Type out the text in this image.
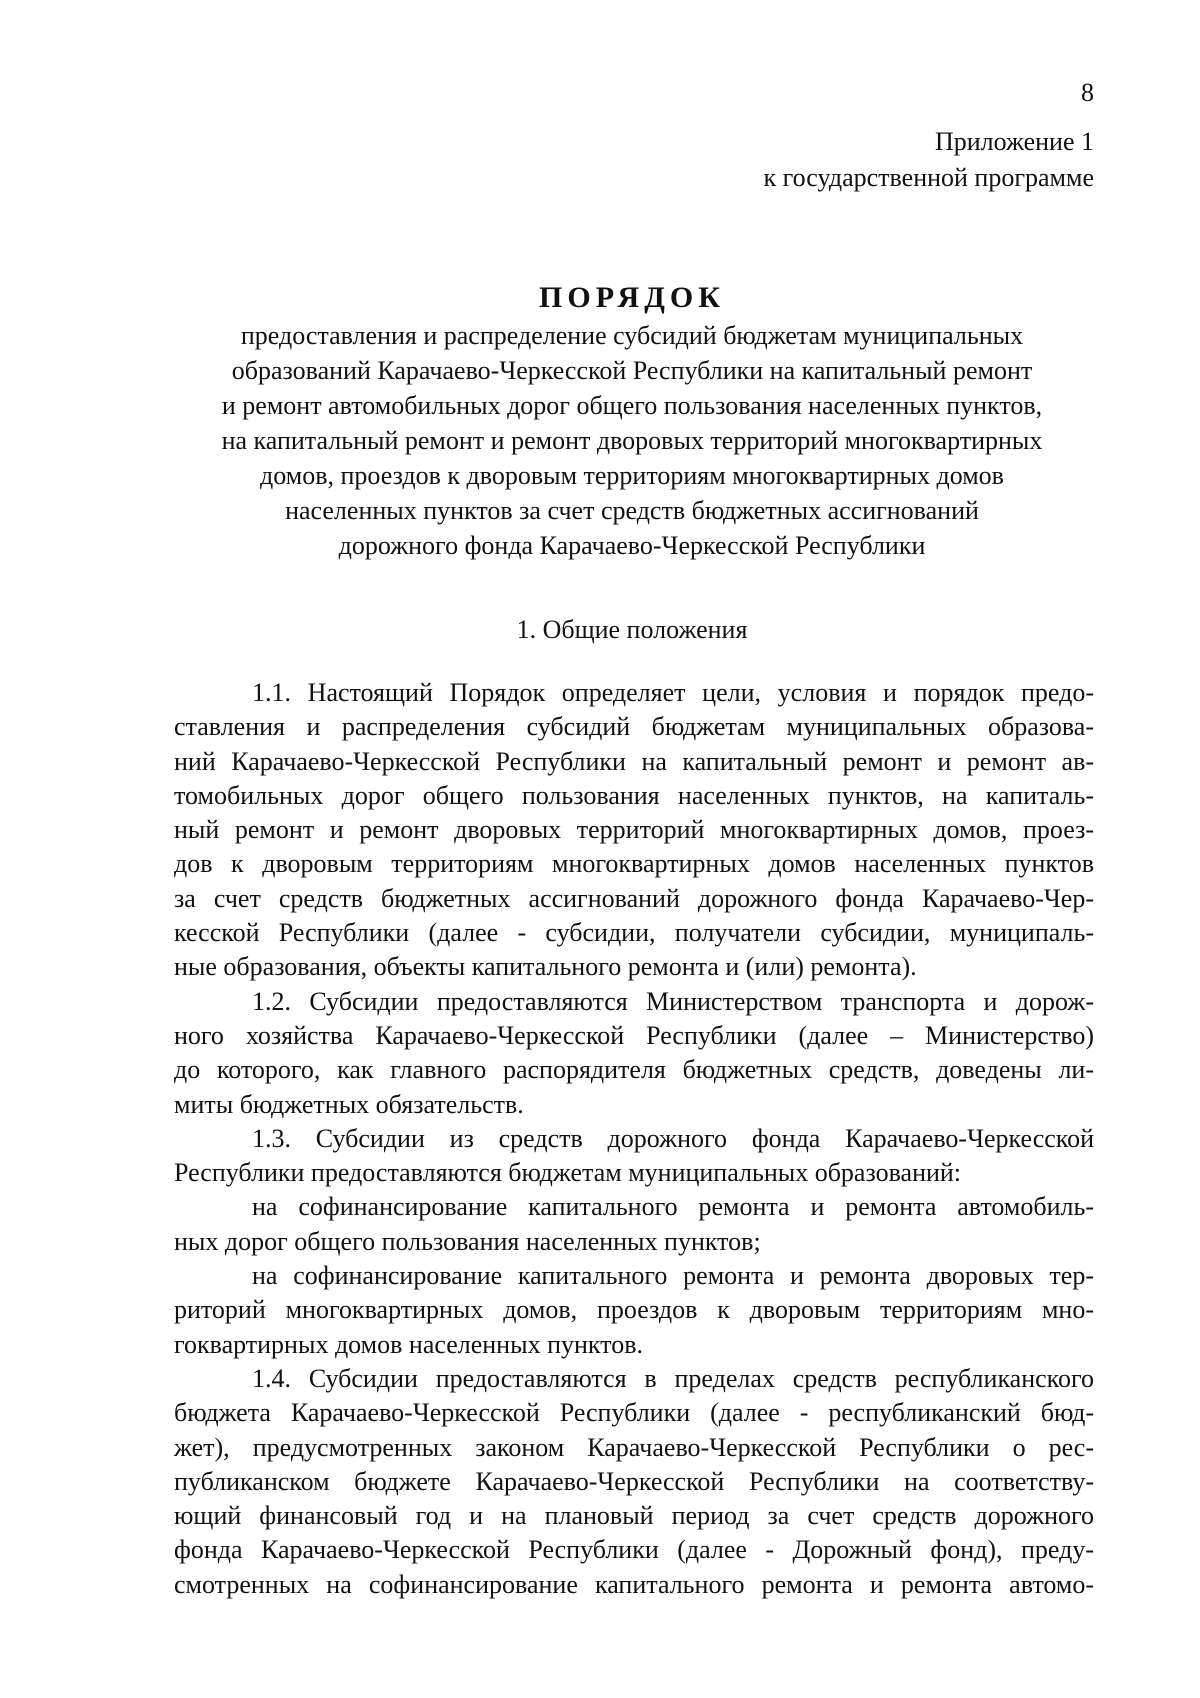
8
Приложение 1
к государственной программе
ПОРЯДОК
предоставления и распределение субсидий бюджетам муниципальных
образований Карачаево-Черкесской Республики на капитальный ремонт
и ремонт автомобильных дорог общего пользования населенных пунктов,
на капитальный ремонт и ремонт дворовых территорий многоквартирных
домов, проездов к дворовым территориям многоквартирных домов
населенных пунктов за счет средств бюджетных ассигнований
дорожного фонда Карачаево-Черкесской Республики
1. Общие положения
1.1. Настоящий Порядок определяет цели, условия и порядок предо-
ставления и распределения субсидий бюджетам муниципальных образова-
ний Карачаево-Черкесской Республики на капитальный ремонт и ремонт ав-
томобильных дорог общего пользования населенных пунктов, на капиталь-
ный ремонт и ремонт дворовых территорий многоквартирных домов, проез-
дов к дворовым территориям многоквартирных домов населенных пунктов
за счет средств бюджетных ассигнований дорожного фонда Карачаево-Чер-
кесской Республики (далее - субсидии, получатели субсидии, муниципаль-
ные образования, объекты капитального ремонта и (или) ремонта).
1.2. Субсидии предоставляются Министерством транспорта и дорож-
ного хозяйства Карачаево-Черкесской Республики (далее – Министерство)
до которого, как главного распорядителя бюджетных средств, доведены ли-
миты бюджетных обязательств.
1.3. Субсидии из средств дорожного фонда Карачаево-Черкесской
Республики предоставляются бюджетам муниципальных образований:
на софинансирование капитального ремонта и ремонта автомобиль-
ных дорог общего пользования населенных пунктов;
на софинансирование капитального ремонта и ремонта дворовых тер-
риторий многоквартирных домов, проездов к дворовым территориям мно-
гоквартирных домов населенных пунктов.
1.4. Субсидии предоставляются в пределах средств республиканского
бюджета Карачаево-Черкесской Республики (далее - республиканский бюд-
жет), предусмотренных законом Карачаево-Черкесской Республики о рес-
публиканском бюджете Карачаево-Черкесской Республики на соответству-
ющий финансовый год и на плановый период за счет средств дорожного
фонда Карачаево-Черкесской Республики (далее - Дорожный фонд), преду-
смотренных на софинансирование капитального ремонта и ремонта автомо-
